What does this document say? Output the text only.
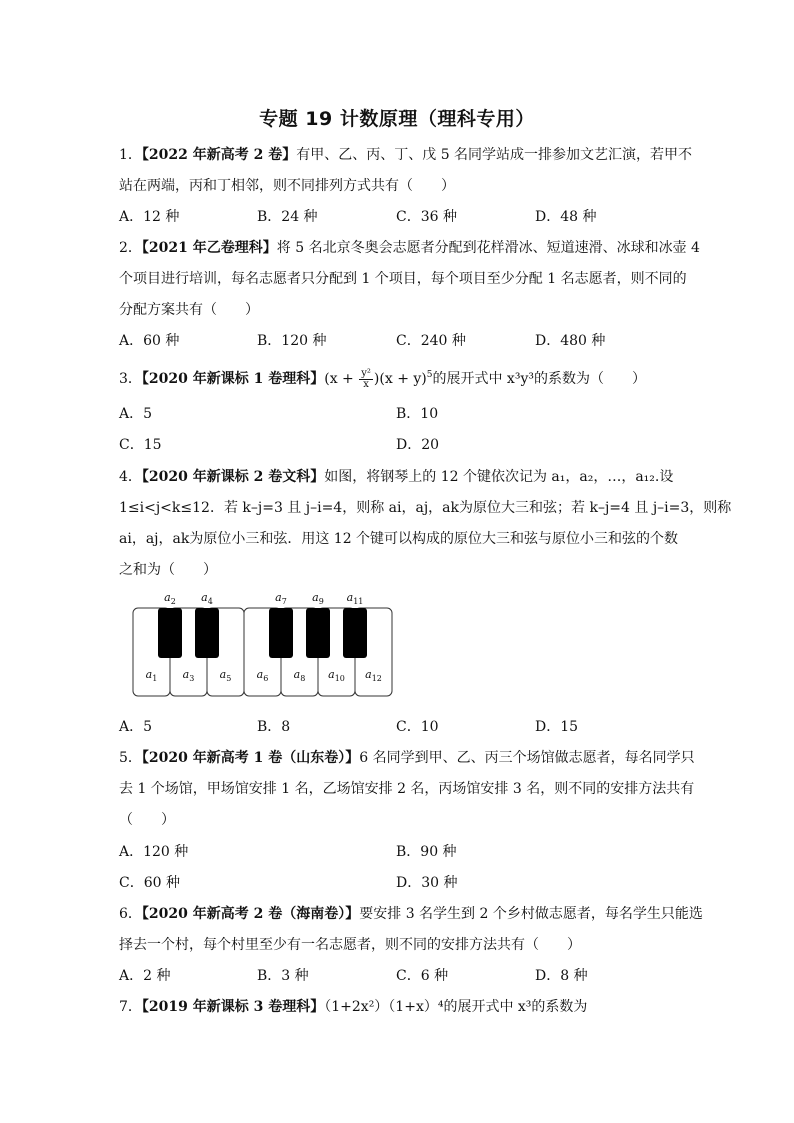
专题 19 计数原理（理科专用）
1．【2022 年新高考 2 卷】有甲、乙、丙、丁、戊 5 名同学站成一排参加文艺汇演，若甲不
站在两端，丙和丁相邻，则不同排列方式共有（　　）
A．12 种	B．24 种	C．36 种	D．48 种
2．【2021 年乙卷理科】将 5 名北京冬奥会志愿者分配到花样滑冰、短道速滑、冰球和冰壶 4
个项目进行培训，每名志愿者只分配到 1 个项目，每个项目至少分配 1 名志愿者，则不同的
分配方案共有（　　）
A．60 种	B．120 种	C．240 种	D．480 种
3．【2020 年新课标 1 卷理科】$(x + \frac{\text{y²}}{x} )(x + y)^5$的展开式中 x³y³的系数为（　　）
A．5	B．10
C．15	D．20
4．【2020 年新课标 2 卷文科】如图，将钢琴上的 12 个键依次记为 a₁，a₂，…，a₁₂.设
1≤i<j<k≤12．若 k–j=3 且 j–i=4，则称 ai，aj，ak为原位大三和弦；若 k–j=4 且 j–i=3，则称
ai，aj，ak为原位小三和弦．用这 12 个键可以构成的原位大三和弦与原位小三和弦的个数
之和为（　　）
$a_1$ $a_3$ $a_5$ $a_6$ $a_8$ $a_{10}$ $a_{12}$
$a_2$ $a_4$	$a_7$ $a_9$ $a_{11}$
A．5	B．8	C．10	D．15
5．【2020 年新高考 1 卷（山东卷）】6 名同学到甲、乙、丙三个场馆做志愿者，每名同学只
去 1 个场馆，甲场馆安排 1 名，乙场馆安排 2 名，丙场馆安排 3 名，则不同的安排方法共有
（　　）
A．120 种	B．90 种
C．60 种	D．30 种
6．【2020 年新高考 2 卷（海南卷）】要安排 3 名学生到 2 个乡村做志愿者，每名学生只能选
择去一个村，每个村里至少有一名志愿者，则不同的安排方法共有（　　）
A．2 种	B．3 种	C．6 种	D．8 种
7．【2019 年新课标 3 卷理科】（1+2x²）（1+x）⁴的展开式中 x³的系数为
